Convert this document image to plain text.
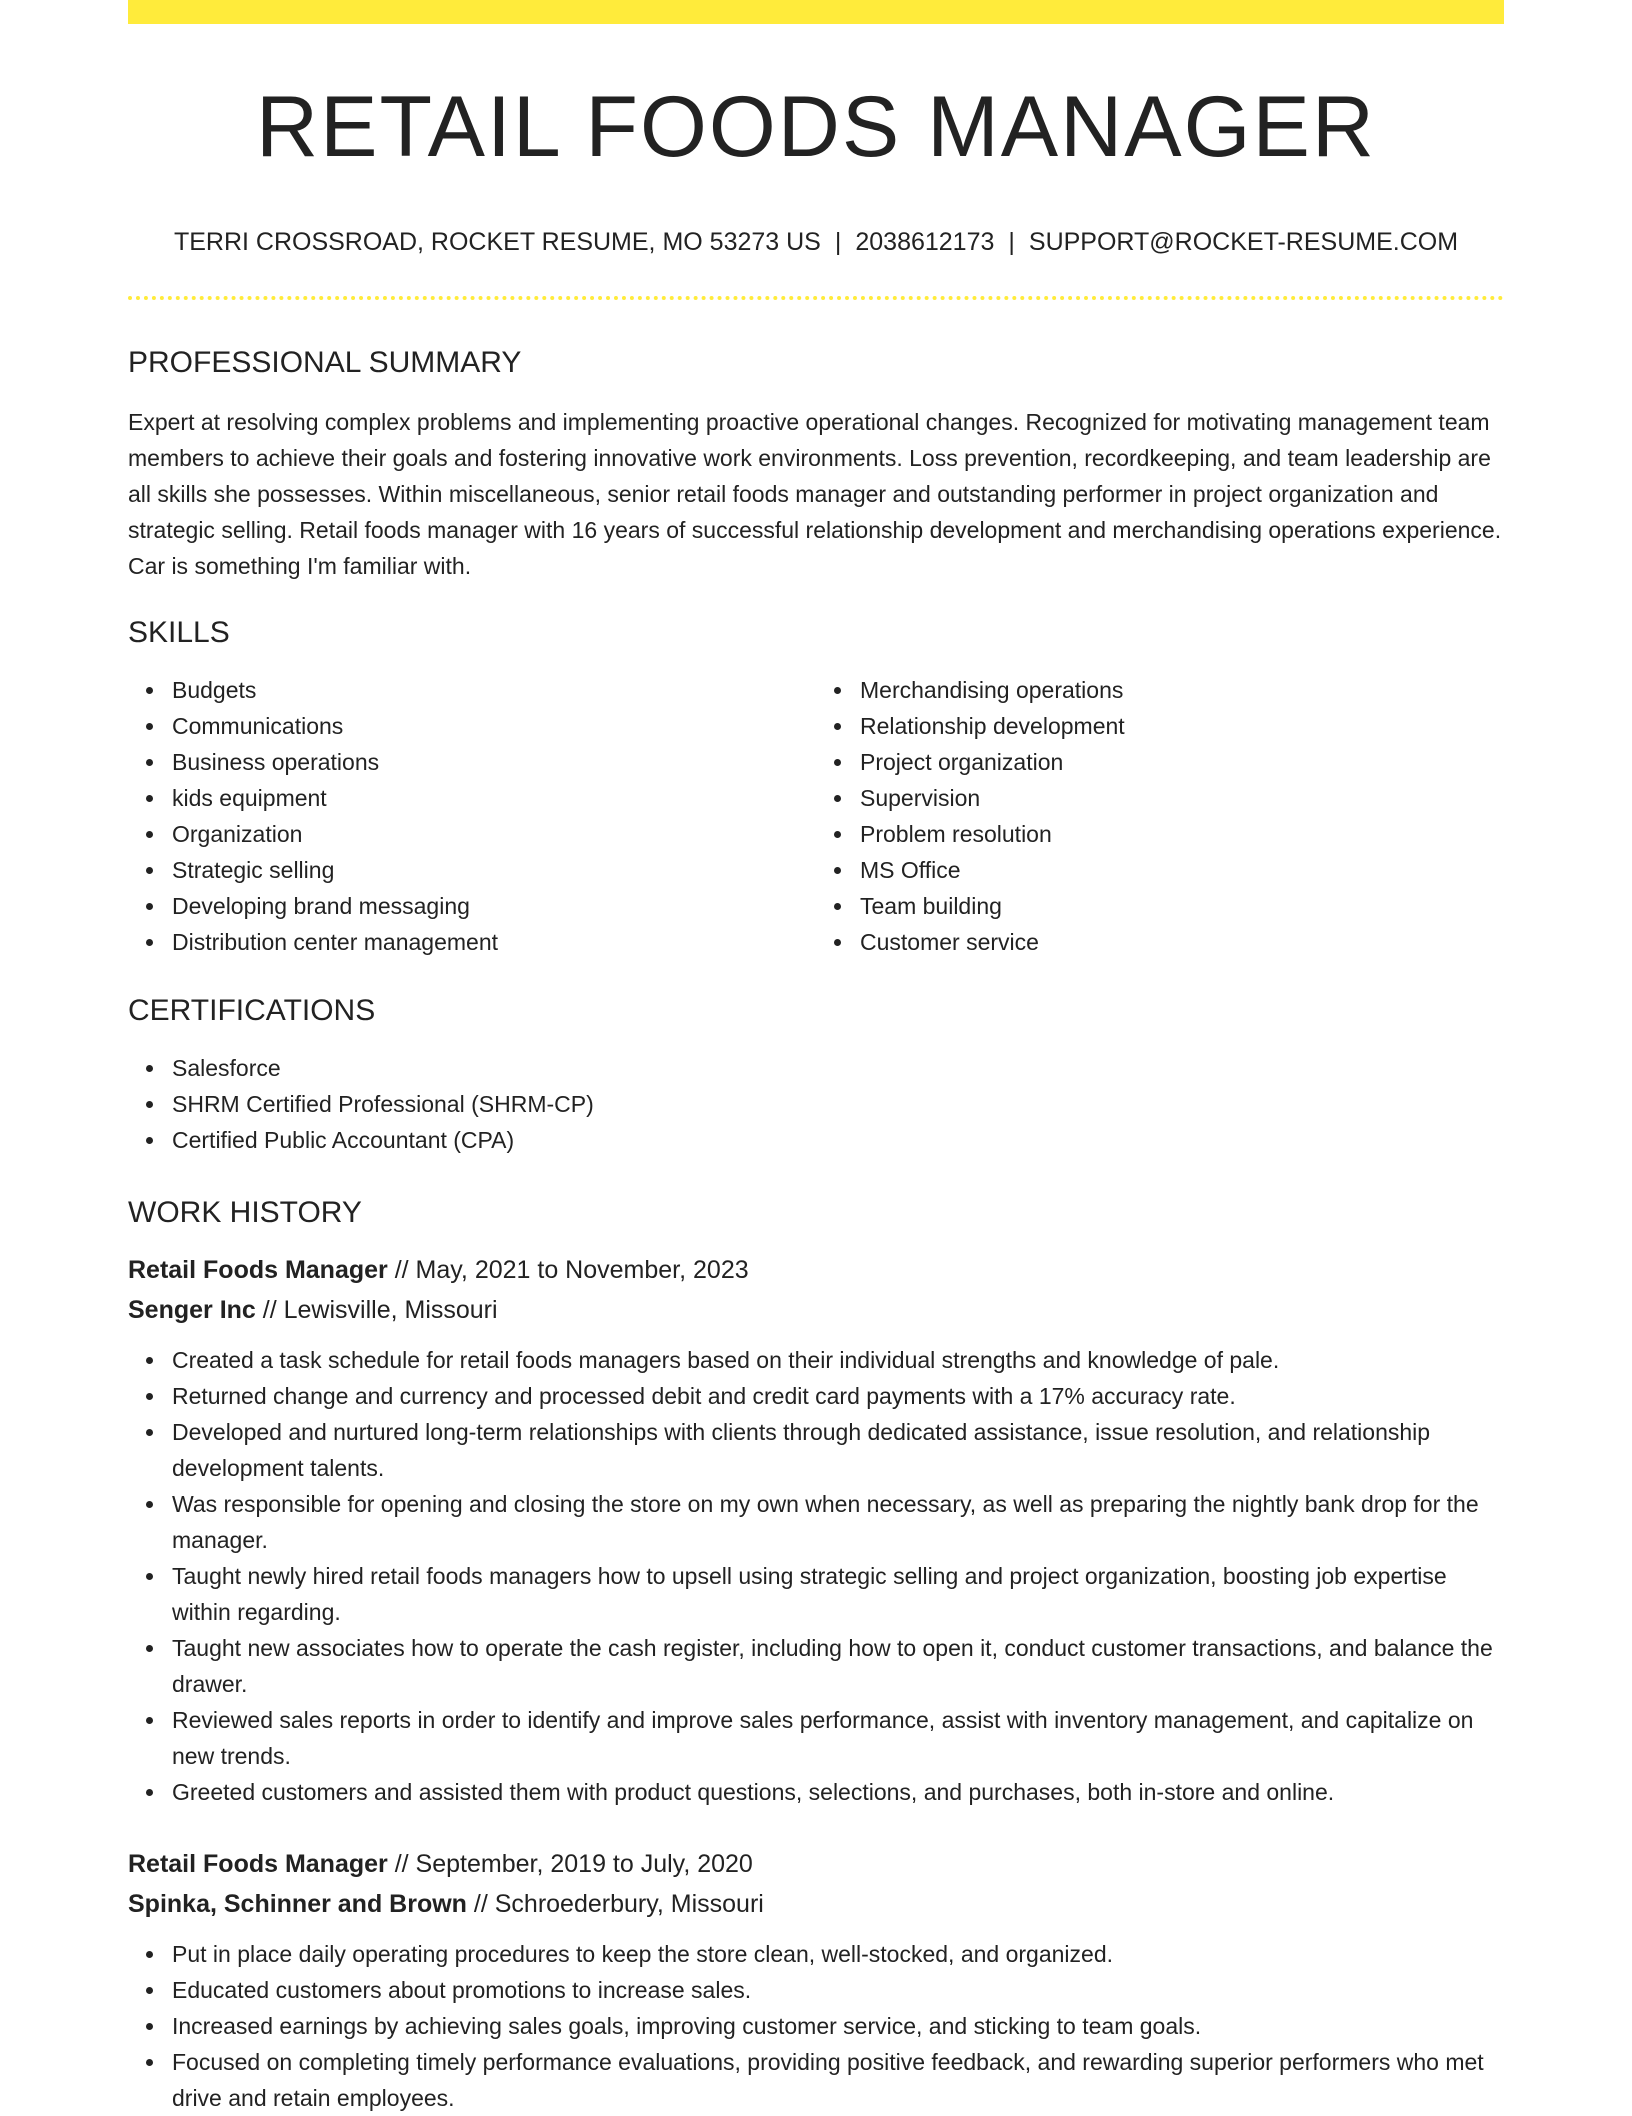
RETAIL FOODS MANAGER
TERRI CROSSROAD, ROCKET RESUME, MO 53273 US | 2038612173 | SUPPORT@ROCKET-RESUME.COM
PROFESSIONAL SUMMARY
Expert at resolving complex problems and implementing proactive operational changes. Recognized for motivating management team members to achieve their goals and fostering innovative work environments. Loss prevention, recordkeeping, and team leadership are all skills she possesses. Within miscellaneous, senior retail foods manager and outstanding performer in project organization and strategic selling. Retail foods manager with 16 years of successful relationship development and merchandising operations experience. Car is something I'm familiar with.
SKILLS
Budgets
Communications
Business operations
kids equipment
Organization
Strategic selling
Developing brand messaging
Distribution center management
Merchandising operations
Relationship development
Project organization
Supervision
Problem resolution
MS Office
Team building
Customer service
CERTIFICATIONS
Salesforce
SHRM Certified Professional (SHRM-CP)
Certified Public Accountant (CPA)
WORK HISTORY
Retail Foods Manager // May, 2021 to November, 2023
Senger Inc // Lewisville, Missouri
Created a task schedule for retail foods managers based on their individual strengths and knowledge of pale.
Returned change and currency and processed debit and credit card payments with a 17% accuracy rate.
Developed and nurtured long-term relationships with clients through dedicated assistance, issue resolution, and relationship development talents.
Was responsible for opening and closing the store on my own when necessary, as well as preparing the nightly bank drop for the manager.
Taught newly hired retail foods managers how to upsell using strategic selling and project organization, boosting job expertise within regarding.
Taught new associates how to operate the cash register, including how to open it, conduct customer transactions, and balance the drawer.
Reviewed sales reports in order to identify and improve sales performance, assist with inventory management, and capitalize on new trends.
Greeted customers and assisted them with product questions, selections, and purchases, both in-store and online.
Retail Foods Manager // September, 2019 to July, 2020
Spinka, Schinner and Brown // Schroederbury, Missouri
Put in place daily operating procedures to keep the store clean, well-stocked, and organized.
Educated customers about promotions to increase sales.
Increased earnings by achieving sales goals, improving customer service, and sticking to team goals.
Focused on completing timely performance evaluations, providing positive feedback, and rewarding superior performers who met drive and retain employees.
